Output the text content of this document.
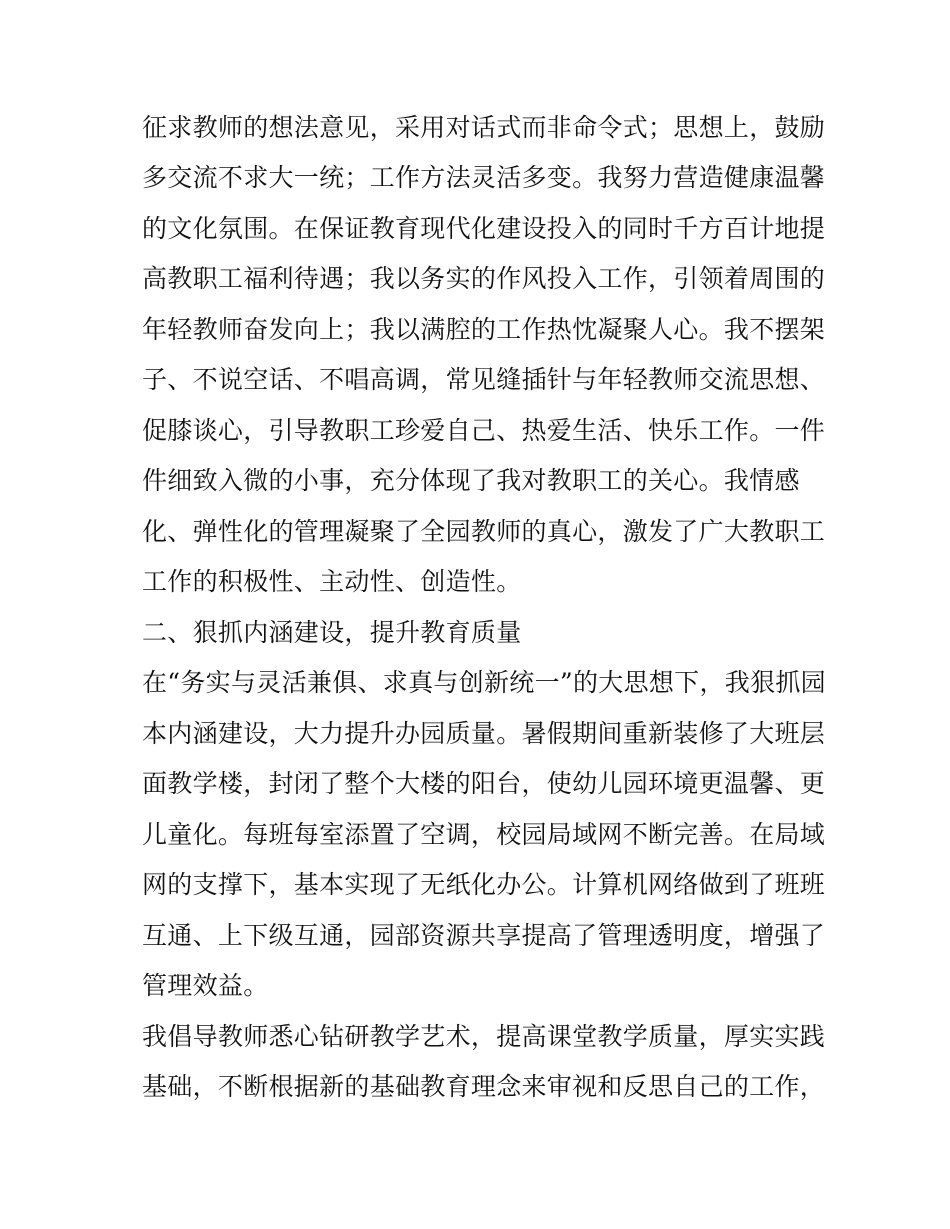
征求教师的想法意见，采用对话式而非命令式；思想上，鼓励
多交流不求大一统；工作方法灵活多变。我努力营造健康温馨
的文化氛围。在保证教育现代化建设投入的同时千方百计地提
高教职工福利待遇；我以务实的作风投入工作，引领着周围的
年轻教师奋发向上；我以满腔的工作热忱凝聚人心。我不摆架
子、不说空话、不唱高调，常见缝插针与年轻教师交流思想、
促膝谈心，引导教职工珍爱自己、热爱生活、快乐工作。一件
件细致入微的小事，充分体现了我对教职工的关心。我情感
化、弹性化的管理凝聚了全园教师的真心，激发了广大教职工
工作的积极性、主动性、创造性。
二、狠抓内涵建设，提升教育质量
在“务实与灵活兼俱、求真与创新统一”的大思想下，我狠抓园
本内涵建设，大力提升办园质量。暑假期间重新装修了大班层
面教学楼，封闭了整个大楼的阳台，使幼儿园环境更温馨、更
儿童化。每班每室添置了空调，校园局域网不断完善。在局域
网的支撑下，基本实现了无纸化办公。计算机网络做到了班班
互通、上下级互通，园部资源共享提高了管理透明度，增强了
管理效益。
我倡导教师悉心钻研教学艺术，提高课堂教学质量，厚实实践
基础，不断根据新的基础教育理念来审视和反思自己的工作，
